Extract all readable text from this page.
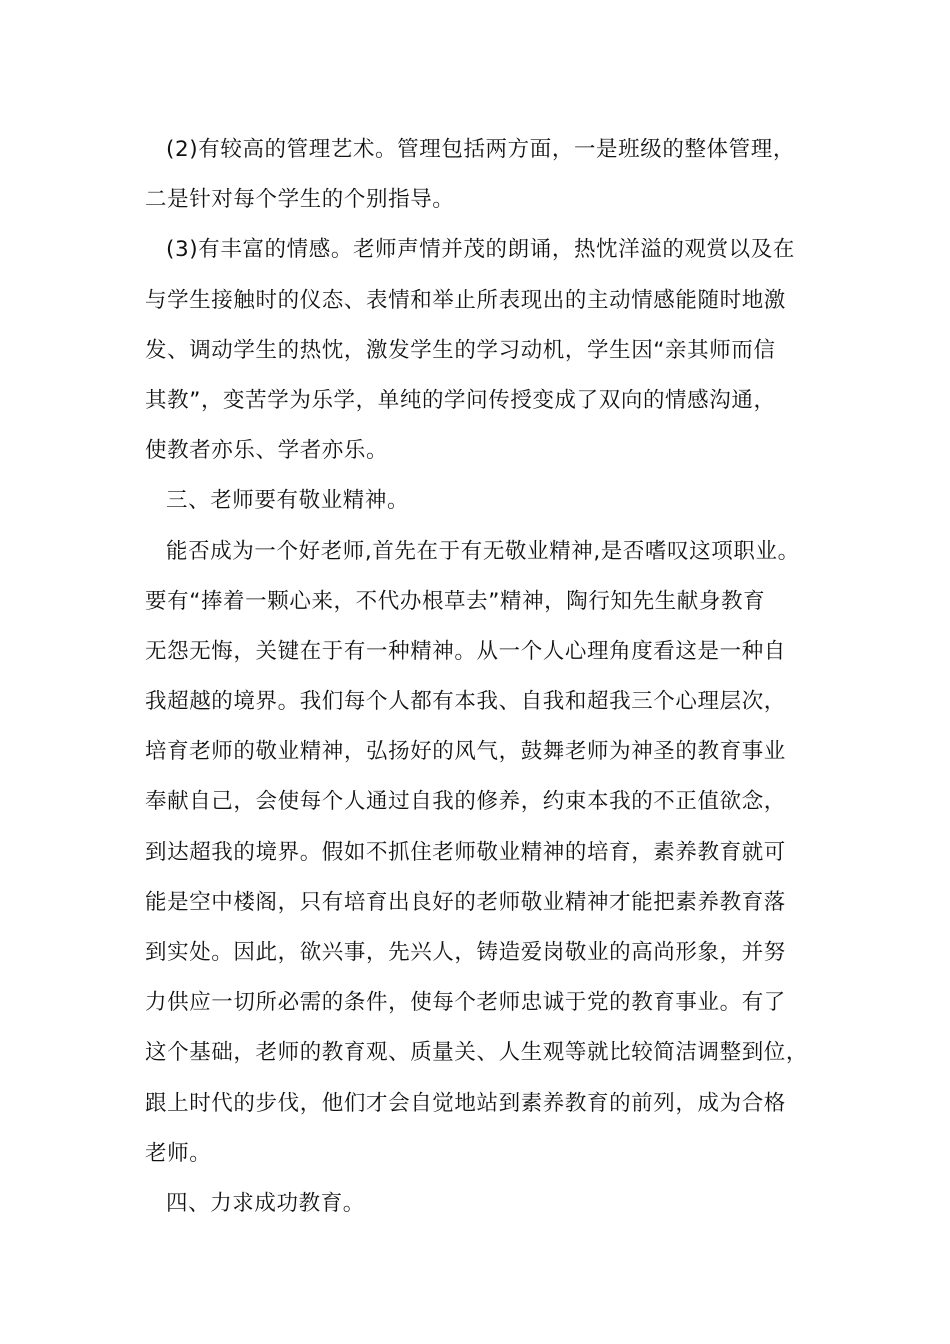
(2)有较高的管理艺术。管理包括两方面，一是班级的整体管理，
二是针对每个学生的个别指导。
(3)有丰富的情感。老师声情并茂的朗诵，热忱洋溢的观赏以及在
与学生接触时的仪态、表情和举止所表现出的主动情感能随时地激
发、调动学生的热忱，激发学生的学习动机，学生因“亲其师而信
其教”，变苦学为乐学，单纯的学问传授变成了双向的情感沟通，
使教者亦乐、学者亦乐。
三、老师要有敬业精神。
能否成为一个好老师,首先在于有无敬业精神,是否嗜叹这项职业。
要有“捧着一颗心来，不代办根草去”精神，陶行知先生献身教育
无怨无悔，关键在于有一种精神。从一个人心理角度看这是一种自
我超越的境界。我们每个人都有本我、自我和超我三个心理层次，
培育老师的敬业精神，弘扬好的风气，鼓舞老师为神圣的教育事业
奉献自己，会使每个人通过自我的修养，约束本我的不正值欲念，
到达超我的境界。假如不抓住老师敬业精神的培育，素养教育就可
能是空中楼阁，只有培育出良好的老师敬业精神才能把素养教育落
到实处。因此，欲兴事，先兴人，铸造爱岗敬业的高尚形象，并努
力供应一切所必需的条件，使每个老师忠诚于党的教育事业。有了
这个基础，老师的教育观、质量关、人生观等就比较简洁调整到位，
跟上时代的步伐，他们才会自觉地站到素养教育的前列，成为合格
老师。
四、力求成功教育。
